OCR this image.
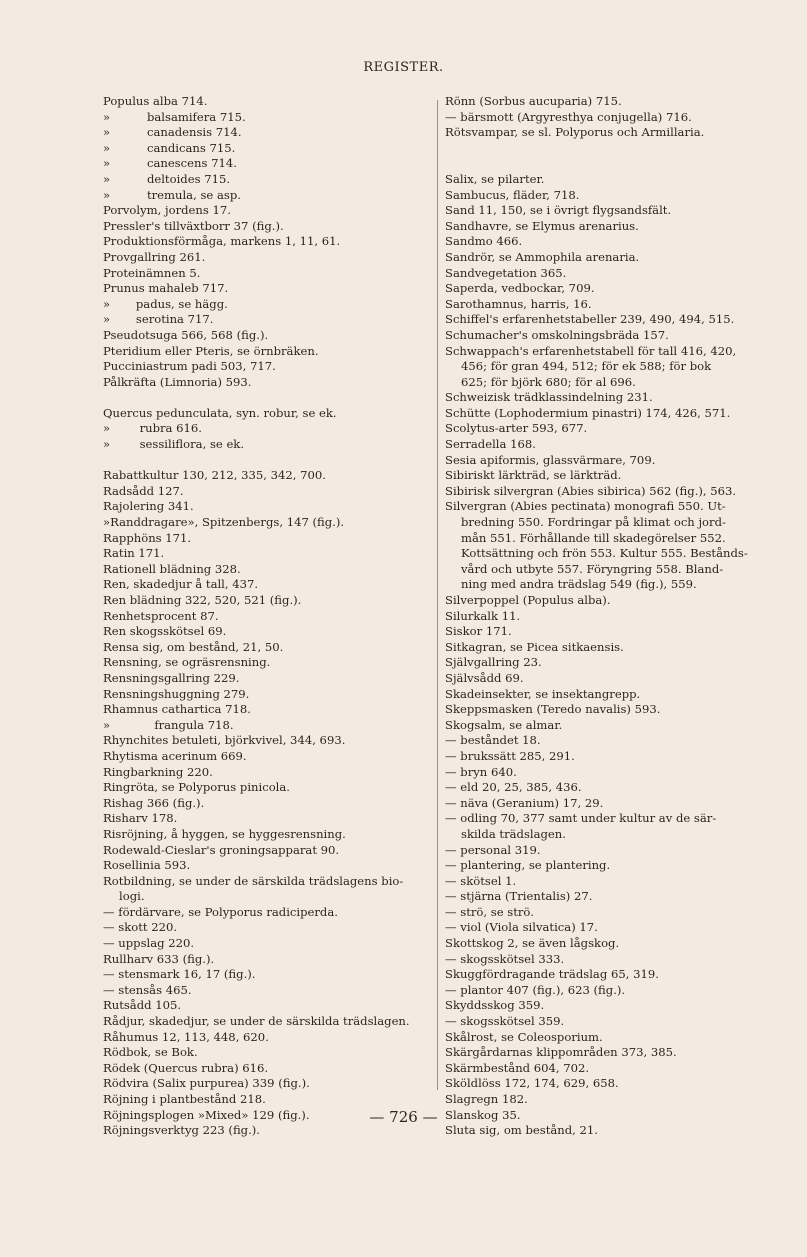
REGISTER.
Populus alba 714.
»          balsamifera 715.
»          canadensis 714.
»          candicans 715.
»          canescens 714.
»          deltoides 715.
»          tremula, se asp.
Porvolym, jordens 17.
Pressler's tillväxtborr 37 (fig.).
Produktionsförmåga, markens 1, 11, 61.
Provgallring 261.
Proteinämnen 5.
Prunus mahaleb 717.
»       padus, se hägg.
»       serotina 717.
Pseudotsuga 566, 568 (fig.).
Pteridium eller Pteris, se örnbräken.
Pucciniastrum padi 503, 717.
Pålkräfta (Limnoria) 593.
Quercus pedunculata, syn. robur, se ek.
»        rubra 616.
»        sessiliflora, se ek.
Rabattkultur 130, 212, 335, 342, 700.
Radsådd 127.
Rajolering 341.
»Randdragare», Spitzenbergs, 147 (fig.).
Rapphöns 171.
Ratin 171.
Rationell blädning 328.
Ren, skadedjur å tall, 437.
Ren blädning 322, 520, 521 (fig.).
Renhetsprocent 87.
Ren skogsskötsel 69.
Rensa sig, om bestånd, 21, 50.
Rensning, se ogräsrensning.
Rensningsgallring 229.
Rensningshuggning 279.
Rhamnus cathartica 718.
»            frangula 718.
Rhynchites betuleti, björkvivel, 344, 693.
Rhytisma acerinum 669.
Ringbarkning 220.
Ringröta, se Polyporus pinicola.
Rishag 366 (fig.).
Risharv 178.
Risröjning, å hyggen, se hyggesrensning.
Rodewald-Cieslar's groningsapparat 90.
Rosellinia 593.
Rotbildning, se under de särskilda trädslagens bio-
logi.
— fördärvare, se Polyporus radiciperda.
— skott 220.
— uppslag 220.
Rullharv 633 (fig.).
— stensmark 16, 17 (fig.).
— stensås 465.
Rutsådd 105.
Rådjur, skadedjur, se under de särskilda trädslagen.
Råhumus 12, 113, 448, 620.
Rödbok, se Bok.
Rödek (Quercus rubra) 616.
Rödvira (Salix purpurea) 339 (fig.).
Röjning i plantbestånd 218.
Röjningsplogen »Mixed» 129 (fig.).
Röjningsverktyg 223 (fig.).
Rönn (Sorbus aucuparia) 715.
— bärsmott (Argyresthya conjugella) 716.
Rötsvampar, se sl. Polyporus och Armillaria.
Salix, se pilarter.
Sambucus, fläder, 718.
Sand 11, 150, se i övrigt flygsandsfält.
Sandhavre, se Elymus arenarius.
Sandmo 466.
Sandrör, se Ammophila arenaria.
Sandvegetation 365.
Saperda, vedbockar, 709.
Sarothamnus, harris, 16.
Schiffel's erfarenhetstabeller 239, 490, 494, 515.
Schumacher's omskolningsbräda 157.
Schwappach's erfarenhetstabell för tall 416, 420,
456; för gran 494, 512; för ek 588; för bok
625; för björk 680; för al 696.
Schweizisk trädklassindelning 231.
Schütte (Lophodermium pinastri) 174, 426, 571.
Scolytus-arter 593, 677.
Serradella 168.
Sesia apiformis, glassvärmare, 709.
Sibiriskt lärkträd, se lärkträd.
Sibirisk silvergran (Abies sibirica) 562 (fig.), 563.
Silvergran (Abies pectinata) monografi 550. Ut-
bredning 550. Fordringar på klimat och jord-
mån 551. Förhållande till skadegörelser 552.
Kottsättning och frön 553. Kultur 555. Bestånds-
vård och utbyte 557. Föryngring 558. Bland-
ning med andra trädslag 549 (fig.), 559.
Silverpoppel (Populus alba).
Silurkalk 11.
Siskor 171.
Sitkagran, se Picea sitkaensis.
Självgallring 23.
Självsådd 69.
Skadeinsekter, se insektangrepp.
Skeppsmasken (Teredo navalis) 593.
Skogsalm, se almar.
— beståndet 18.
— brukssätt 285, 291.
— bryn 640.
— eld 20, 25, 385, 436.
— näva (Geranium) 17, 29.
— odling 70, 377 samt under kultur av de sär-
skilda trädslagen.
— personal 319.
— plantering, se plantering.
— skötsel 1.
— stjärna (Trientalis) 27.
— strö, se strö.
— viol (Viola silvatica) 17.
Skottskog 2, se även lågskog.
— skogsskötsel 333.
Skuggfördragande trädslag 65, 319.
— plantor 407 (fig.), 623 (fig.).
Skyddsskog 359.
— skogsskötsel 359.
Skålrost, se Coleosporium.
Skärgårdarnas klippområden 373, 385.
Skärmbestånd 604, 702.
Sköldlöss 172, 174, 629, 658.
Slagregn 182.
Slanskog 35.
Sluta sig, om bestånd, 21.
— 726 —
